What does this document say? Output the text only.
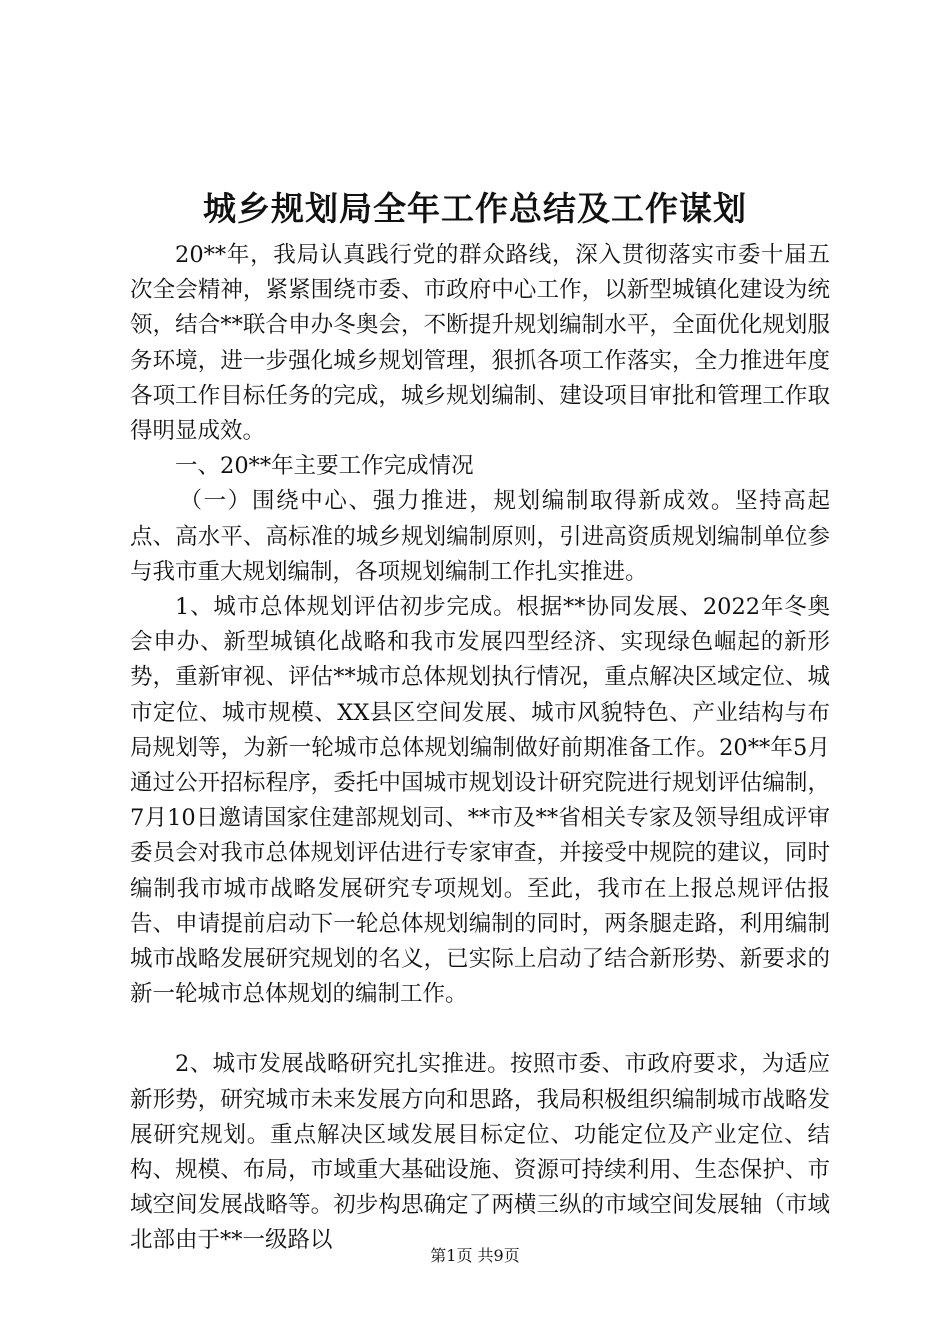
城乡规划局全年工作总结及工作谋划

20**年，我局认真践行党的群众路线，深入贯彻落实市委十届五次全会精神，紧紧围绕市委、市政府中心工作，以新型城镇化建设为统领，结合**联合申办冬奥会，不断提升规划编制水平，全面优化规划服务环境，进一步强化城乡规划管理，狠抓各项工作落实，全力推进年度各项工作目标任务的完成，城乡规划编制、建设项目审批和管理工作取得明显成效。

一、20**年主要工作完成情况

（一）围绕中心、强力推进，规划编制取得新成效。坚持高起点、高水平、高标准的城乡规划编制原则，引进高资质规划编制单位参与我市重大规划编制，各项规划编制工作扎实推进。

1、城市总体规划评估初步完成。根据**协同发展、2022年冬奥会申办、新型城镇化战略和我市发展四型经济、实现绿色崛起的新形势，重新审视、评估**城市总体规划执行情况，重点解决区域定位、城市定位、城市规模、XX县区空间发展、城市风貌特色、产业结构与布局规划等，为新一轮城市总体规划编制做好前期准备工作。20**年5月通过公开招标程序，委托中国城市规划设计研究院进行规划评估编制，7月10日邀请国家住建部规划司、**市及**省相关专家及领导组成评审委员会对我市总体规划评估进行专家审查，并接受中规院的建议，同时编制我市城市战略发展研究专项规划。至此，我市在上报总规评估报告、申请提前启动下一轮总体规划编制的同时，两条腿走路，利用编制城市战略发展研究规划的名义，已实际上启动了结合新形势、新要求的新一轮城市总体规划的编制工作。

2、城市发展战略研究扎实推进。按照市委、市政府要求，为适应新形势，研究城市未来发展方向和思路，我局积极组织编制城市战略发展研究规划。重点解决区域发展目标定位、功能定位及产业定位、结构、规模、布局，市域重大基础设施、资源可持续利用、生态保护、市域空间发展战略等。初步构思确定了两横三纵的市域空间发展轴（市域北部由于**一级路以

第1页 共9页
